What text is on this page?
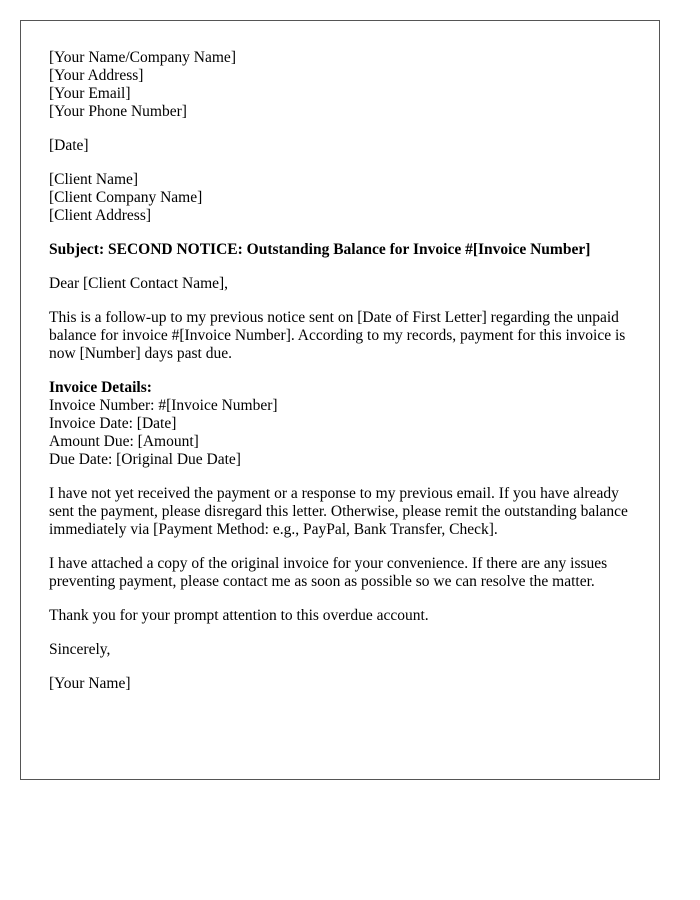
[Your Name/Company Name]
[Your Address]
[Your Email]
[Your Phone Number]
[Date]
[Client Name]
[Client Company Name]
[Client Address]

Subject: SECOND NOTICE: Outstanding Balance for Invoice #[Invoice Number]

Dear [Client Contact Name],

This is a follow-up to my previous notice sent on [Date of First Letter] regarding the unpaid balance for invoice #[Invoice Number]. According to my records, payment for this invoice is now [Number] days past due.

Invoice Details:
Invoice Number: #[Invoice Number]
Invoice Date: [Date]
Amount Due: [Amount]
Due Date: [Original Due Date]

I have not yet received the payment or a response to my previous email. If you have already sent the payment, please disregard this letter. Otherwise, please remit the outstanding balance immediately via [Payment Method: e.g., PayPal, Bank Transfer, Check].

I have attached a copy of the original invoice for your convenience. If there are any issues preventing payment, please contact me as soon as possible so we can resolve the matter.

Thank you for your prompt attention to this overdue account.

Sincerely,

[Your Name]
